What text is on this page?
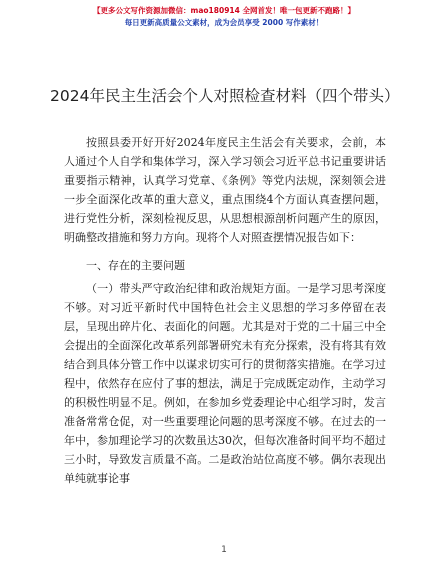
【更多公文写作资源加微信：mao180914 全网首发！唯一包更新不跑路！】
每日更新高质量公文素材，成为会员享受 2000 写作素材！
2024年民主生活会个人对照检查材料（四个带头）

按照县委开好开好2024年度民主生活会有关要求，会前，本人通过个人自学和集体学习，深入学习领会习近平总书记重要讲话重要指示精神，认真学习党章、《条例》等党内法规，深刻领会进一步全面深化改革的重大意义，重点围绕4个方面认真查摆问题，进行党性分析，深刻检视反思，从思想根源剖析问题产生的原因，明确整改措施和努力方向。现将个人对照查摆情况报告如下：

一、存在的主要问题

（一）带头严守政治纪律和政治规矩方面。一是学习思考深度不够。对习近平新时代中国特色社会主义思想的学习多停留在表层，呈现出碎片化、表面化的问题。尤其是对于党的二十届三中全会提出的全面深化改革系列部署研究未有充分探索，没有将其有效结合到具体分管工作中以谋求切实可行的贯彻落实措施。在学习过程中，依然存在应付了事的想法，满足于完成既定动作，主动学习的积极性明显不足。例如，在参加乡党委理论中心组学习时，发言准备常常仓促，对一些重要理论问题的思考深度不够。在过去的一年中，参加理论学习的次数虽达30次，但每次准备时间平均不超过三小时，导致发言质量不高。二是政治站位高度不够。偶尔表现出单纯就事论事

1
